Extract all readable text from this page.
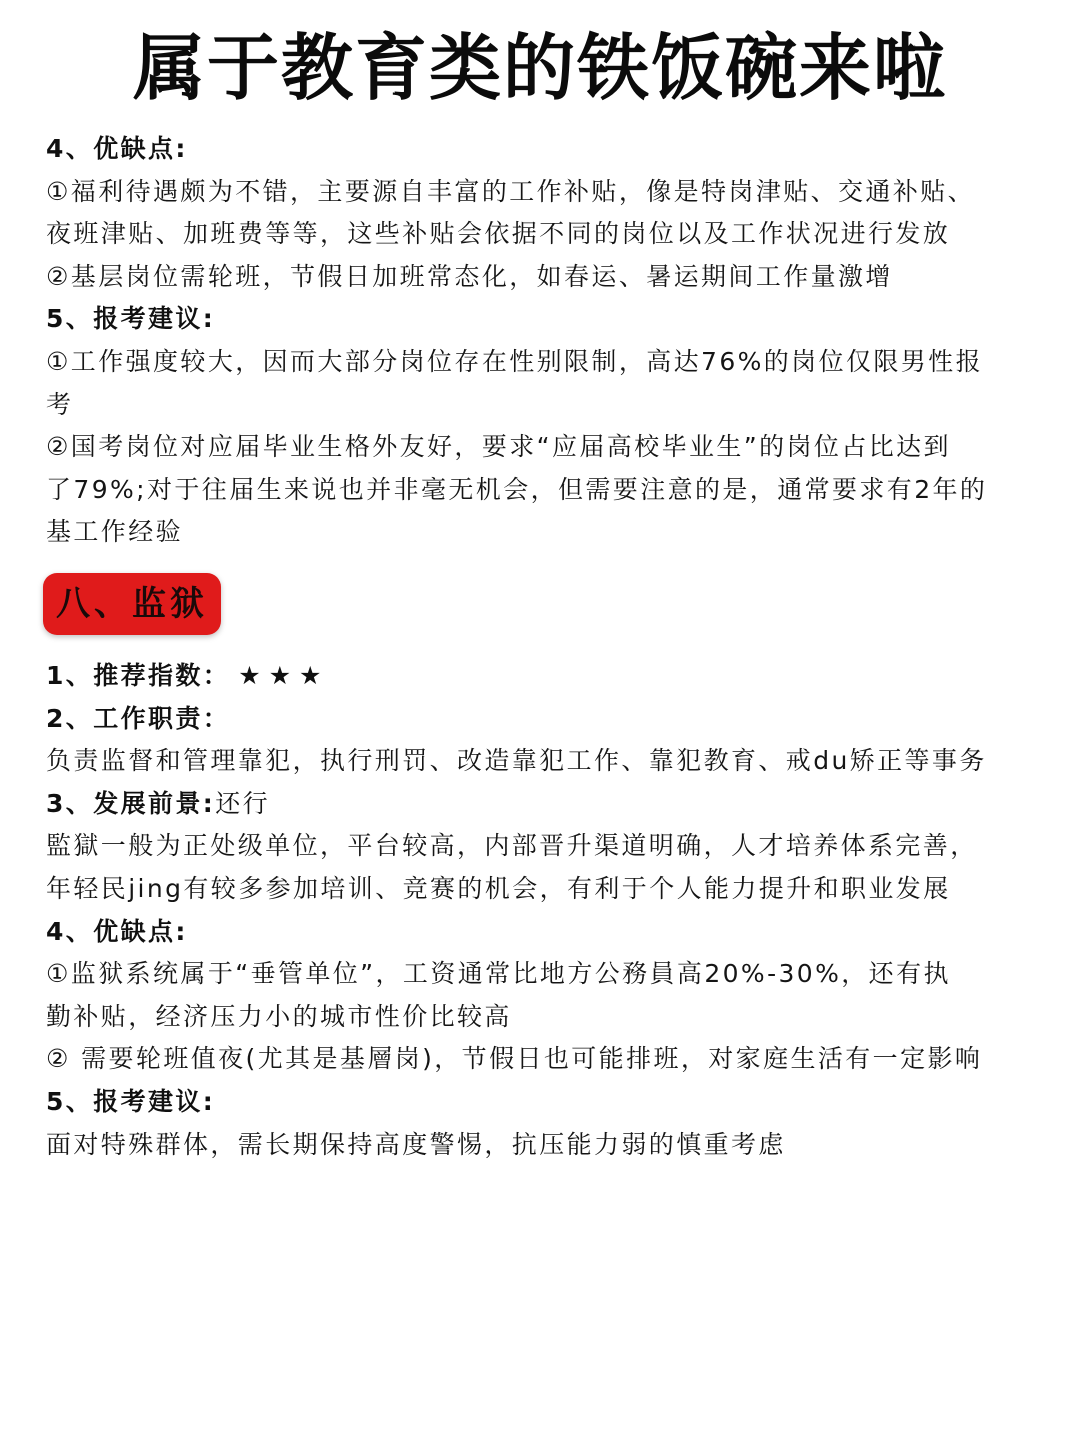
属于教育类的铁饭碗来啦
4、优缺点:
①福利待遇颇为不错，主要源自丰富的工作补贴，像是特岗津贴、交通补贴、
夜班津贴、加班费等等，这些补贴会依据不同的岗位以及工作状况进行发放
②基层岗位需轮班，节假日加班常态化，如春运、暑运期间工作量激增
5、报考建议:
①工作强度较大，因而大部分岗位存在性别限制，高达76%的岗位仅限男性报
考
②国考岗位对应届毕业生格外友好，要求“应届高校毕业生”的岗位占比达到
了79%;对于往届生来说也并非毫无机会，但需要注意的是，通常要求有2年的
基工作经验
八、监狱
1、推荐指数： ★★★
2、工作职责：
负责监督和管理靠犯，执行刑罚、改造靠犯工作、靠犯教育、戒du矫正等事务
3、发展前景:还行
監獄一般为正处级单位，平台较高，内部晋升渠道明确，人才培养体系完善，
年轻民jing有较多参加培训、竞赛的机会，有利于个人能力提升和职业发展
4、优缺点:
①监狱系统属于“垂管单位”，工资通常比地方公務員高20%-30%，还有执
勤补贴，经济压力小的城市性价比较高
② 需要轮班值夜(尤其是基層岗)，节假日也可能排班，对家庭生活有一定影响
5、报考建议:
面对特殊群体，需长期保持高度警惕，抗压能力弱的慎重考虑
